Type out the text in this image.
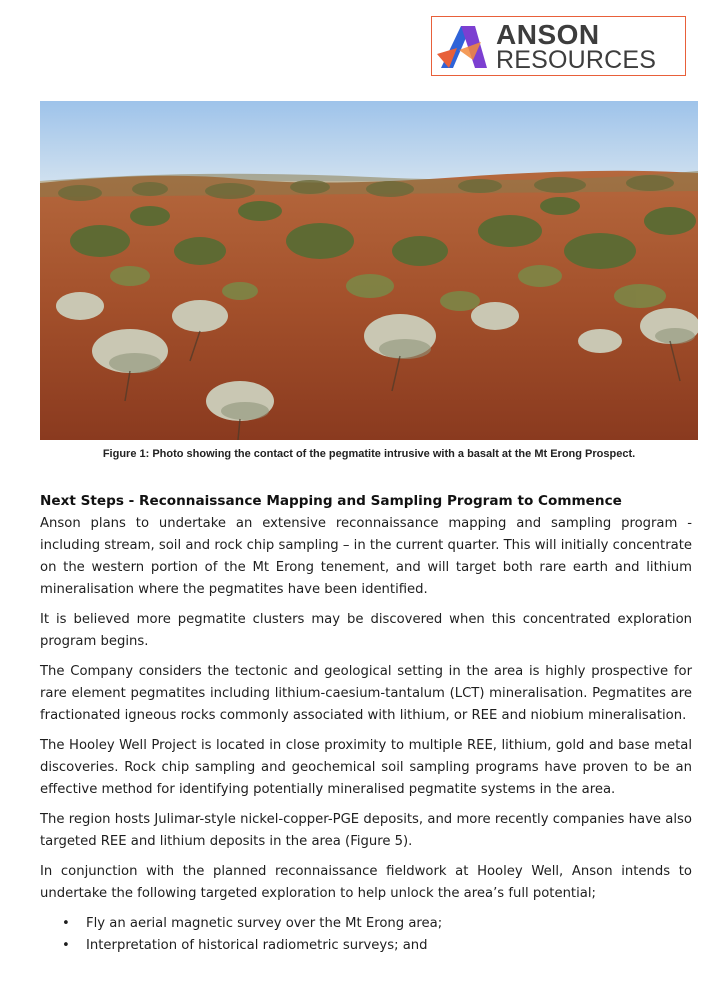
ANSON
RESOURCES
Figure 1: Photo showing the contact of the pegmatite intrusive with a basalt at the Mt Erong Prospect.
Next Steps - Reconnaissance Mapping and Sampling Program to Commence

Anson plans to undertake an extensive reconnaissance mapping and sampling program - including stream, soil and rock chip sampling – in the current quarter. This will initially concentrate on the western portion of the Mt Erong tenement, and will target both rare earth and lithium mineralisation where the pegmatites have been identified.

It is believed more pegmatite clusters may be discovered when this concentrated exploration program begins.

The Company considers the tectonic and geological setting in the area is highly prospective for rare element pegmatites including lithium-caesium-tantalum (LCT) mineralisation. Pegmatites are fractionated igneous rocks commonly associated with lithium, or REE and niobium mineralisation.

The Hooley Well Project is located in close proximity to multiple REE, lithium, gold and base metal discoveries. Rock chip sampling and geochemical soil sampling programs have proven to be an effective method for identifying potentially mineralised pegmatite systems in the area.

The region hosts Julimar-style nickel-copper-PGE deposits, and more recently companies have also targeted REE and lithium deposits in the area (Figure 5).

In conjunction with the planned reconnaissance fieldwork at Hooley Well, Anson intends to undertake the following targeted exploration to help unlock the area’s full potential;

• Fly an aerial magnetic survey over the Mt Erong area;
• Interpretation of historical radiometric surveys; and
